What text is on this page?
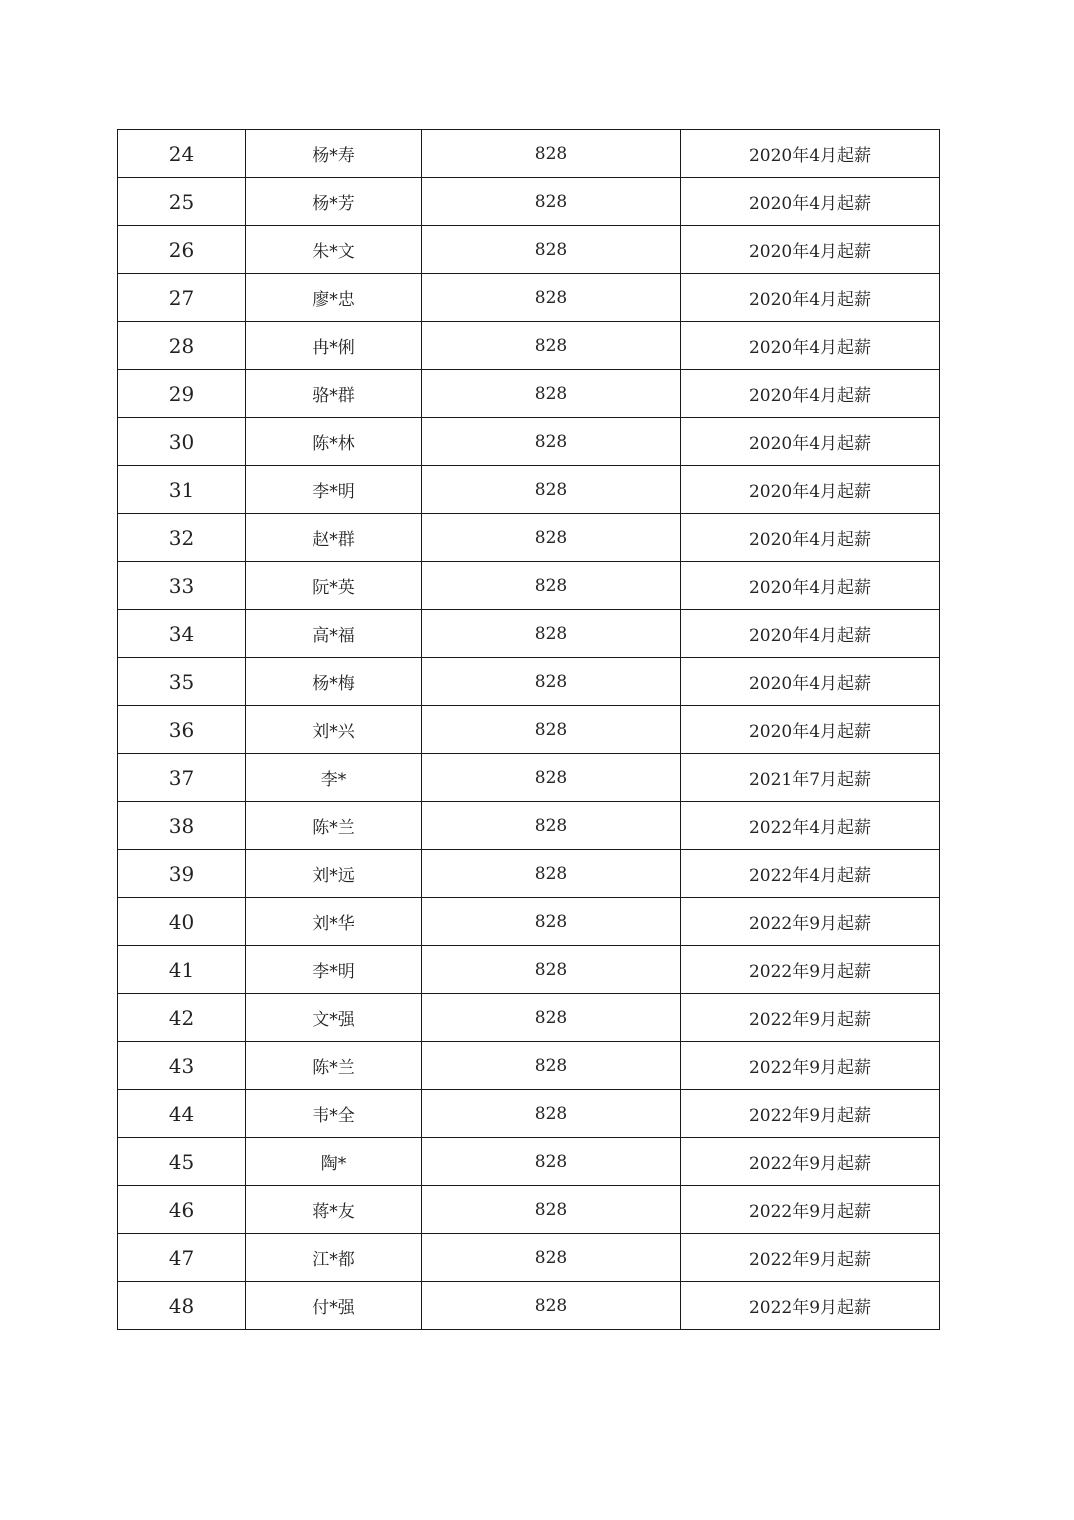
24	杨*寿	828	2020年4月起薪
25	杨*芳	828	2020年4月起薪
26	朱*文	828	2020年4月起薪
27	廖*忠	828	2020年4月起薪
28	冉*俐	828	2020年4月起薪
29	骆*群	828	2020年4月起薪
30	陈*林	828	2020年4月起薪
31	李*明	828	2020年4月起薪
32	赵*群	828	2020年4月起薪
33	阮*英	828	2020年4月起薪
34	高*福	828	2020年4月起薪
35	杨*梅	828	2020年4月起薪
36	刘*兴	828	2020年4月起薪
37	李*	828	2021年7月起薪
38	陈*兰	828	2022年4月起薪
39	刘*远	828	2022年4月起薪
40	刘*华	828	2022年9月起薪
41	李*明	828	2022年9月起薪
42	文*强	828	2022年9月起薪
43	陈*兰	828	2022年9月起薪
44	韦*全	828	2022年9月起薪
45	陶*	828	2022年9月起薪
46	蒋*友	828	2022年9月起薪
47	江*都	828	2022年9月起薪
48	付*强	828	2022年9月起薪
